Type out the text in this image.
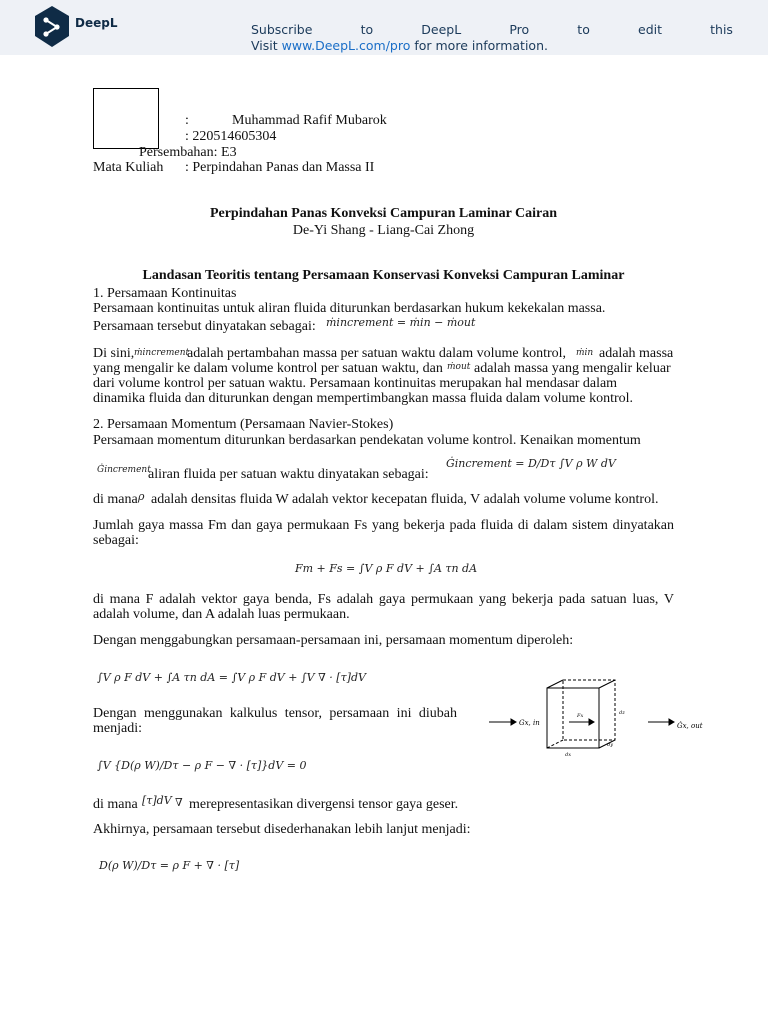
DeepL	Subscribe	to	DeepL	Pro	to	edit	this
Visit www.DeepL.com/pro for more information.
:	Muhammad Rafif Mubarok
: 220514605304
Persembahan: E3
Mata Kuliah : Perpindahan Panas dan Massa II
Perpindahan Panas Konveksi Campuran Laminar Cairan
De-Yi Shang - Liang-Cai Zhong
Landasan Teoritis tentang Persamaan Konservasi Konveksi Campuran Laminar
1. Persamaan Kontinuitas
Persamaan kontinuitas untuk aliran fluida diturunkan berdasarkan hukum kekekalan massa.
Persamaan tersebut dinyatakan sebagai: ṁincrement = ṁin − ṁout
Di sini, ṁincrement
adalah pertambahan massa per satuan waktu dalam volume kontrol, ṁin adalah massa
yang mengalir ke dalam volume kontrol per satuan waktu, dan ṁout adalah massa yang mengalir keluar
dari volume kontrol per satuan waktu. Persamaan kontinuitas merupakan hal mendasar dalam
dinamika fluida dan diturunkan dengan mempertimbangkan massa fluida dalam volume kontrol.
2. Persamaan Momentum (Persamaan Navier-Stokes)
Persamaan momentum diturunkan berdasarkan pendekatan volume kontrol. Kenaikan momentum
Ġincrement
aliran fluida per satuan waktu dinyatakan sebagai:
Ġincrement = D/Dτ ∫V ρ W dV
di mana ρ adalah densitas fluida W adalah vektor kecepatan fluida, V adalah volume volume kontrol.
Jumlah gaya massa Fm dan gaya permukaan Fs yang bekerja pada fluida di dalam sistem dinyatakan sebagai:
Fm + Fs = ∫V ρ F dV + ∫A τn dA
di mana F adalah vektor gaya benda, Fs adalah gaya permukaan yang bekerja pada satuan luas, V adalah volume, dan A adalah luas permukaan.
Dengan menggabungkan persamaan-persamaan ini, persamaan momentum diperoleh:
∫V ρ F dV + ∫A τn dA = ∫V ρ F dV + ∫V ∇ · [τ]dV
Dengan menggunakan kalkulus tensor, persamaan ini diubah menjadi:
∫V {D(ρ W)/Dτ − ρ F − ∇ · [τ]}dV = 0
Gx, in	Ġx, out
Fx	dz
dy
dx
di mana [τ]dV ∇ merepresentasikan divergensi tensor gaya geser.
Akhirnya, persamaan tersebut disederhanakan lebih lanjut menjadi:
D(ρ W)/Dτ = ρ F + ∇ · [τ]
